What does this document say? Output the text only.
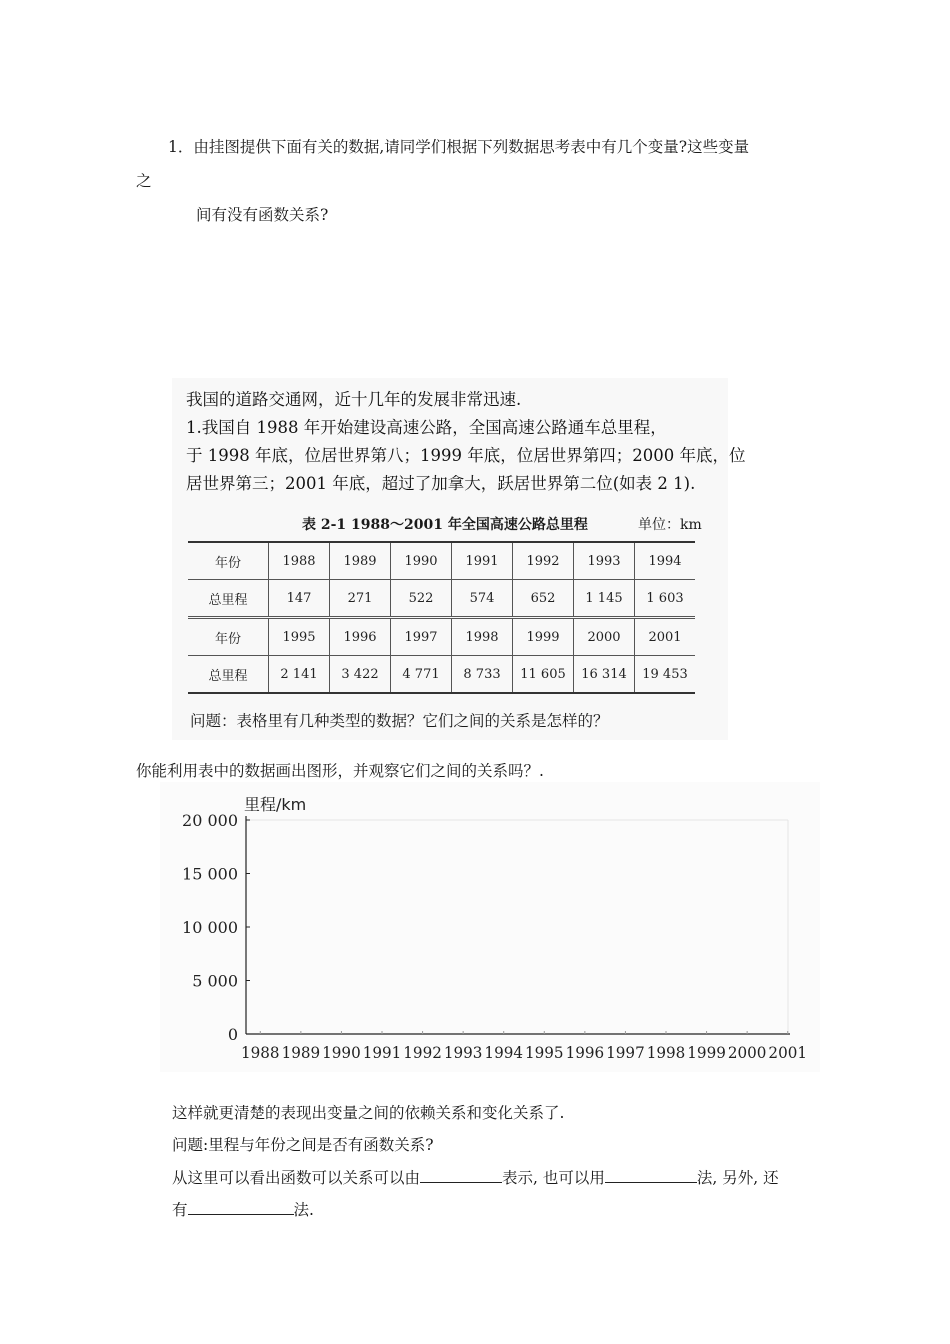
1．由挂图提供下面有关的数据,请同学们根据下列数据思考表中有几个变量?这些变量
之
间有没有函数关系?
我国的道路交通网，近十几年的发展非常迅速.
1.我国自 1988 年开始建设高速公路，全国高速公路通车总里程，
于 1998 年底，位居世界第八；1999 年底，位居世界第四；2000 年底，位
居世界第三；2001 年底，超过了加拿大，跃居世界第二位(如表 2 1).
表 2-1 1988～2001 年全国高速公路总里程	单位：km
年份	1988	1989	1990	1991	1992	1993	1994
总里程	147	271	522	574	652	1 145	1 603
年份	1995	1996	1997	1998	1999	2000	2001
总里程	2 141	3 422	4 771	8 733	11 605	16 314	19 453
问题：表格里有几种类型的数据？它们之间的关系是怎样的？
你能利用表中的数据画出图形，并观察它们之间的关系吗？.
里程/km
20 000
15 000
10 000
5 000
0
1988 1989 1990 1991 1992 1993 1994 1995 1996 1997 1998 1999 2000 2001
这样就更清楚的表现出变量之间的依赖关系和变化关系了.
问题:里程与年份之间是否有函数关系?
从这里可以看出函数可以关系可以由	表示, 也可以用	法, 另外, 还
有	法.
